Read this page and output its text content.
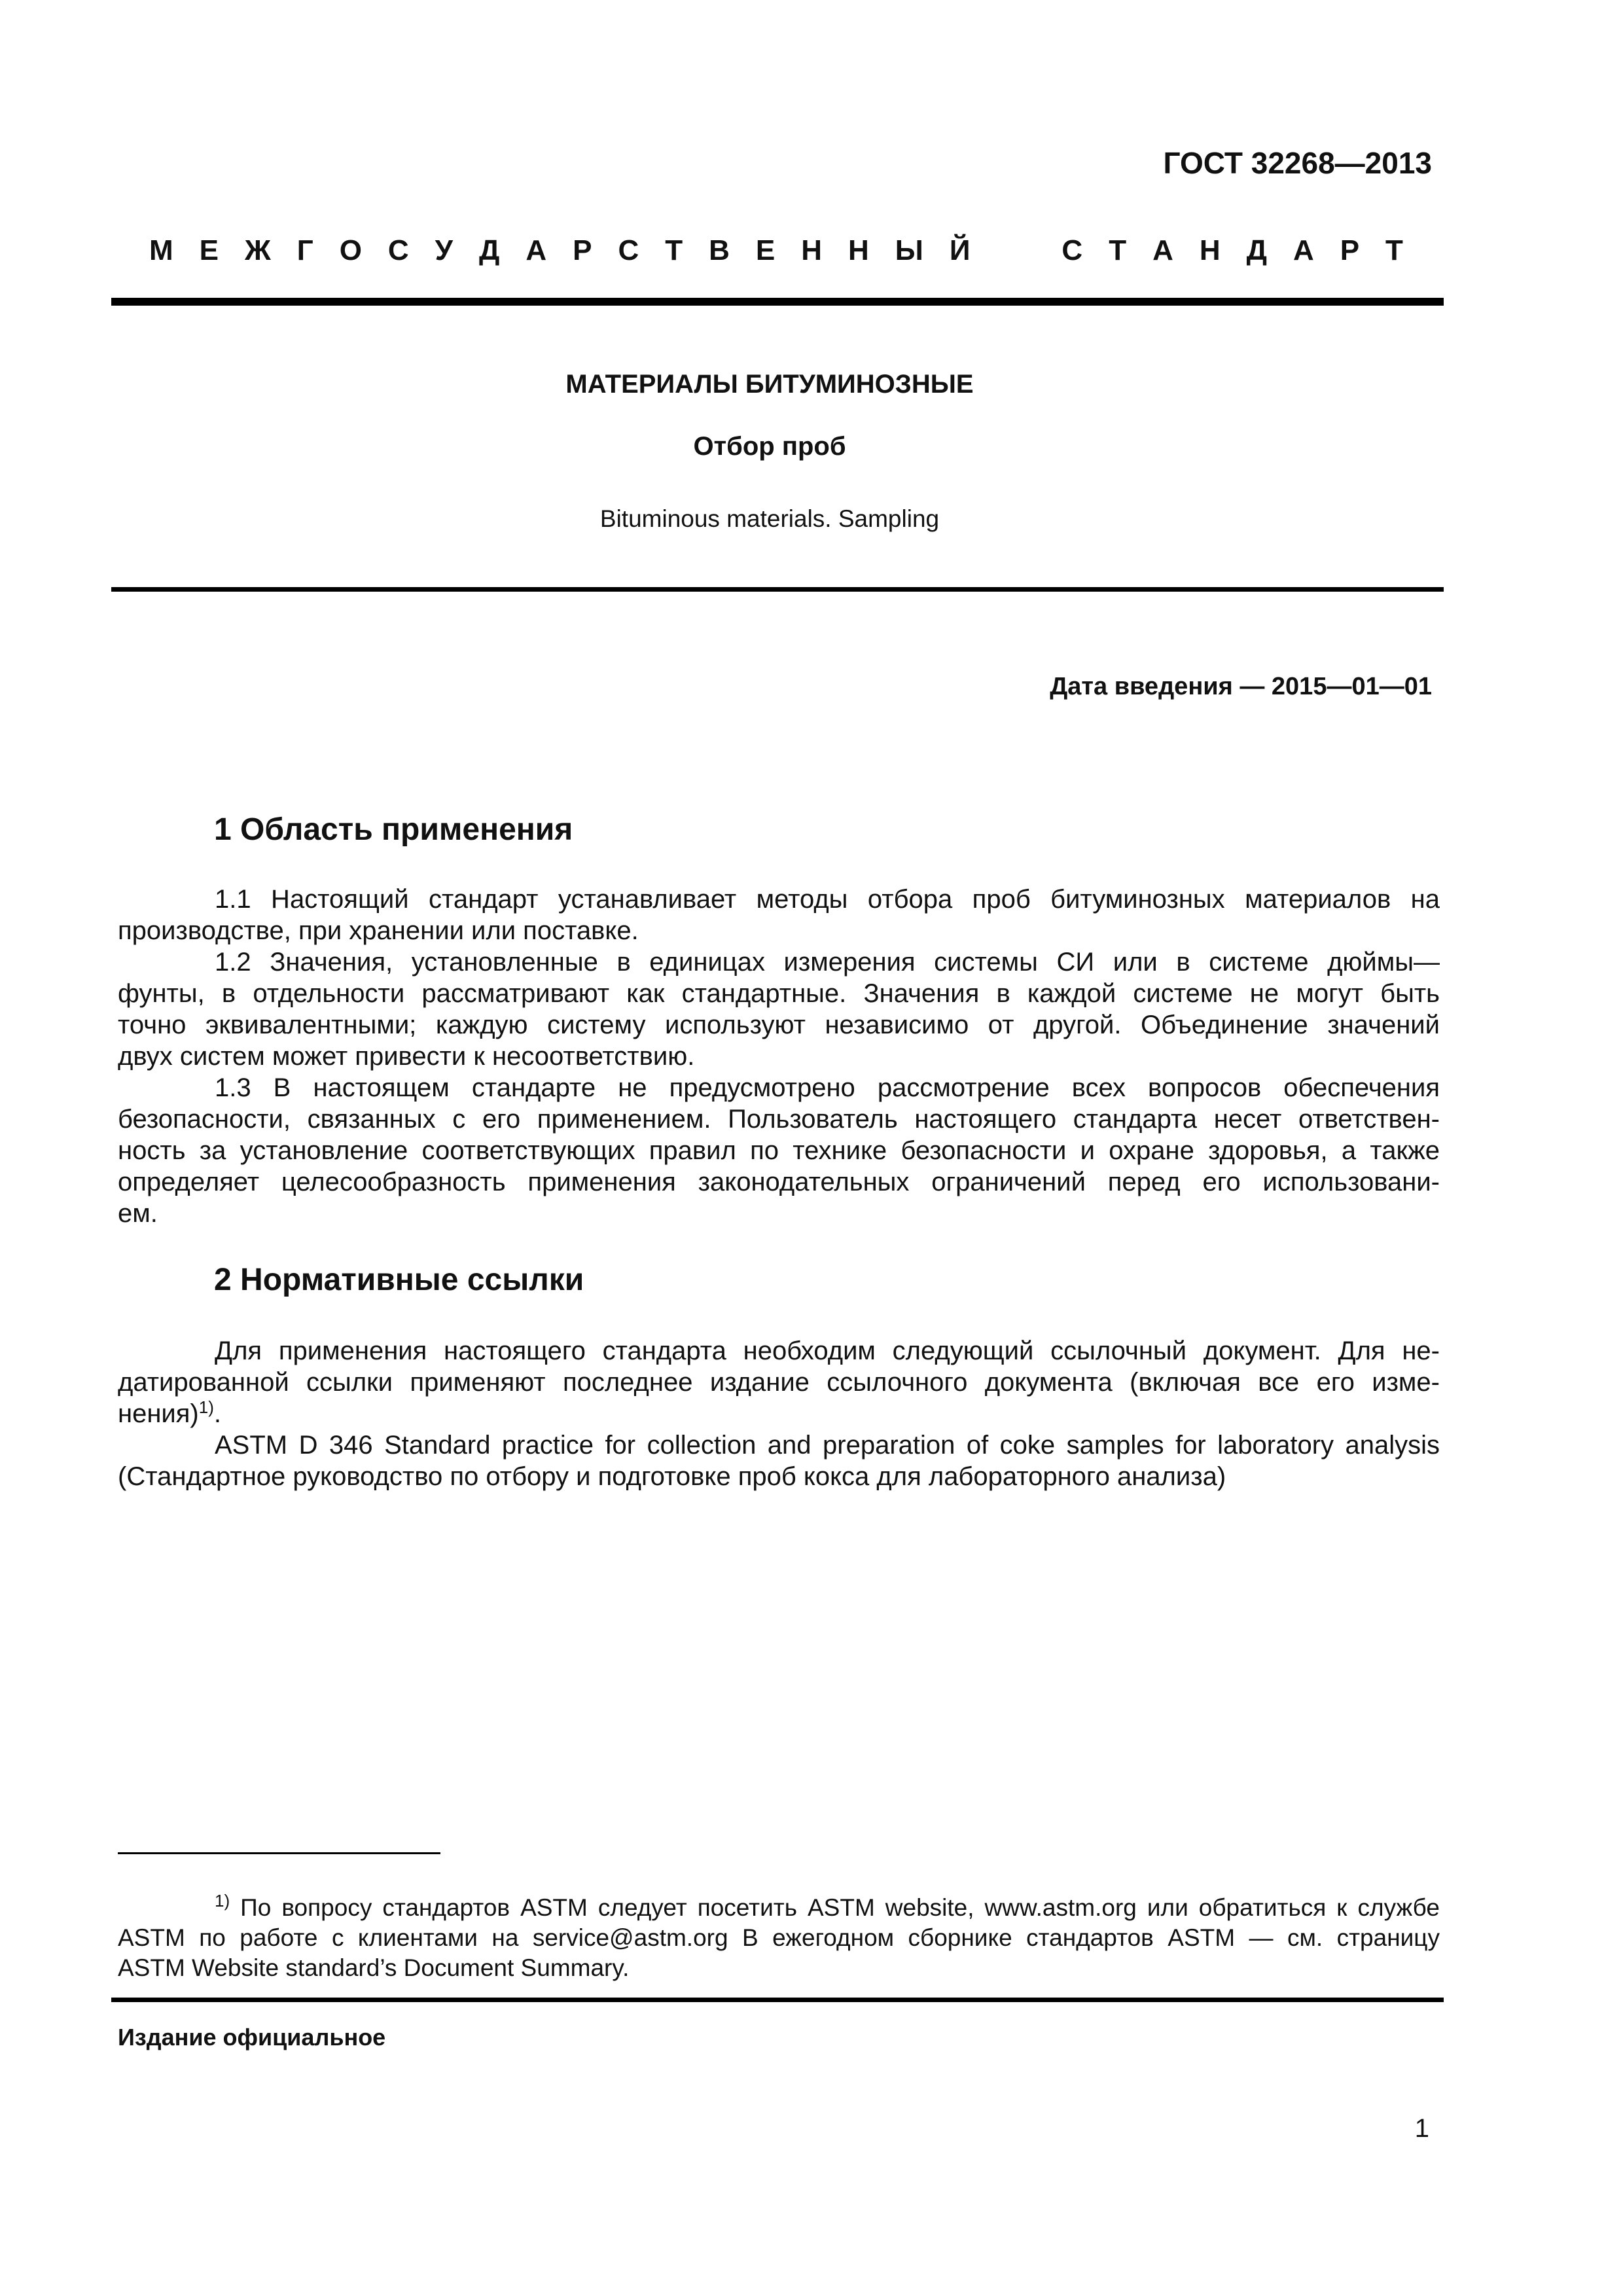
ГОСТ 32268—2013
М Е Ж Г О С У Д А Р С Т В Е Н Н Ы Й	С Т А Н Д А Р Т
МАТЕРИАЛЫ БИТУМИНОЗНЫЕ
Отбор проб
Bituminous materials. Sampling
Дата введения — 2015—01—01
1 Область применения
1.1 Настоящий стандарт устанавливает методы отбора проб битуминозных материалов на
производстве, при хранении или поставке.
1.2 Значения, установленные в единицах измерения системы СИ или в системе дюймы—
фунты, в отдельности рассматривают как стандартные. Значения в каждой системе не могут быть
точно эквивалентными; каждую систему используют независимо от другой. Объединение значений
двух систем может привести к несоответствию.
1.3 В настоящем стандарте не предусмотрено рассмотрение всех вопросов обеспечения
безопасности, связанных с его применением. Пользователь настоящего стандарта несет ответствен-
ность за установление соответствующих правил по технике безопасности и охране здоровья, а также
определяет целесообразность применения законодательных ограничений перед его использовани-
ем.
2 Нормативные ссылки
Для применения настоящего стандарта необходим следующий ссылочный документ. Для не-
датированной ссылки применяют последнее издание ссылочного документа (включая все его изме-
нения)$^{1)}$.
ASTM D 346 Standard practice for collection and preparation of coke samples for laboratory analysis
(Стандартное руководство по отбору и подготовке проб кокса для лабораторного анализа)
$^{1)}$ По вопросу стандартов ASTM следует посетить ASTM website, www.astm.org или обратиться к службе
ASTM по работе с клиентами на service@astm.org В ежегодном сборнике стандартов ASTM — см. страницу
ASTM Website standard’s Document Summary.
Издание официальное
1
